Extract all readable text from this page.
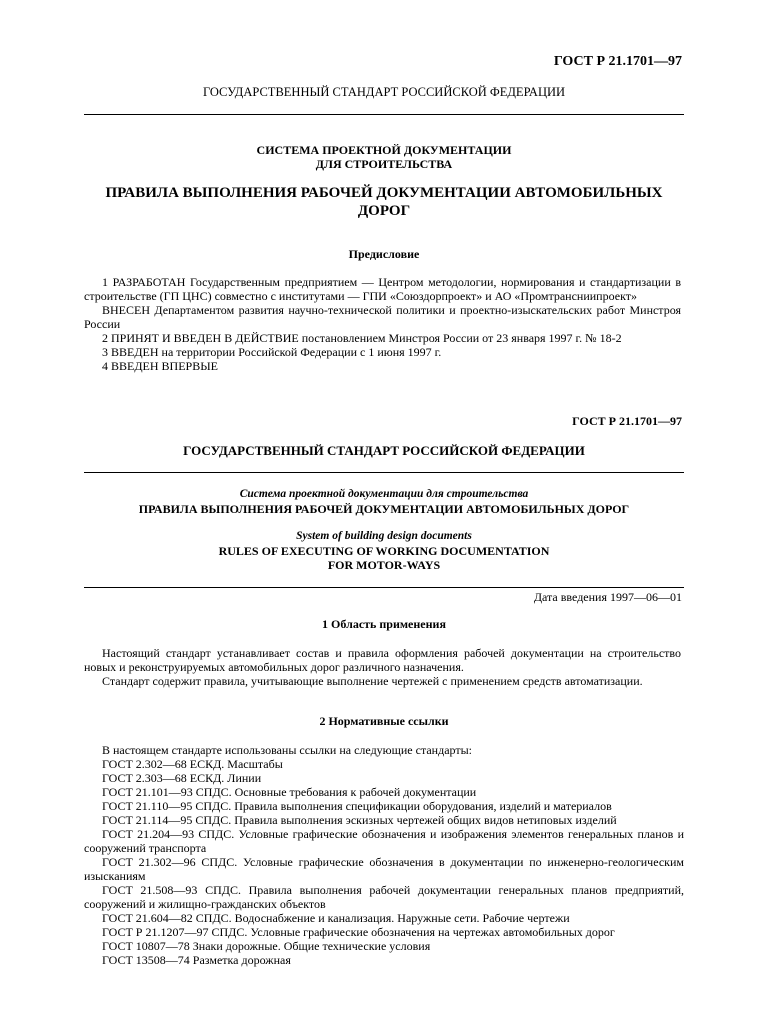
ГОСТ Р 21.1701—97
ГОСУДАРСТВЕННЫЙ СТАНДАРТ РОССИЙСКОЙ ФЕДЕРАЦИИ
СИСТЕМА ПРОЕКТНОЙ ДОКУМЕНТАЦИИ
ДЛЯ СТРОИТЕЛЬСТВА
ПРАВИЛА ВЫПОЛНЕНИЯ РАБОЧЕЙ ДОКУМЕНТАЦИИ АВТОМОБИЛЬНЫХ
ДОРОГ
Предисловие

1 РАЗРАБОТАН Государственным предприятием — Центром методологии, нормирования и стандартизации в строительстве (ГП ЦНС) совместно с институтами — ГПИ «Союздорпроект» и АО «Промтрансниипроект»

ВНЕСЕН Департаментом развития научно-технической политики и проектно-изыскательских работ Минстроя России

2 ПРИНЯТ И ВВЕДЕН В ДЕЙСТВИЕ постановлением Минстроя России от 23 января 1997 г. № 18-2

3 ВВЕДЕН на территории Российской Федерации с 1 июня 1997 г.

4 ВВЕДЕН ВПЕРВЫЕ

ГОСТ Р 21.1701—97
ГОСУДАРСТВЕННЫЙ СТАНДАРТ РОССИЙСКОЙ ФЕДЕРАЦИИ
Система проектной документации для строительства
ПРАВИЛА ВЫПОЛНЕНИЯ РАБОЧЕЙ ДОКУМЕНТАЦИИ АВТОМОБИЛЬНЫХ ДОРОГ
System of building design documents
RULES OF EXECUTING OF WORKING DOCUMENTATION
FOR MOTOR-WAYS
Дата введения 1997—06—01
1 Область применения

Настоящий стандарт устанавливает состав и правила оформления рабочей документации на строительство новых и реконструируемых автомобильных дорог различного назначения.

Стандарт содержит правила, учитывающие выполнение чертежей с применением средств автоматизации.

2 Нормативные ссылки
В настоящем стандарте использованы ссылки на следующие стандарты:
ГОСТ 2.302—68 ЕСКД. Масштабы
ГОСТ 2.303—68 ЕСКД. Линии
ГОСТ 21.101—93 СПДС. Основные требования к рабочей документации
ГОСТ 21.110—95 СПДС. Правила выполнения спецификации оборудования, изделий и материалов
ГОСТ 21.114—95 СПДС. Правила выполнения эскизных чертежей общих видов нетиповых изделий
ГОСТ 21.204—93 СПДС. Условные графические обозначения и изображения элементов генеральных планов и сооружений транспорта
ГОСТ 21.302—96 СПДС. Условные графические обозначения в документации по инженерно-геологическим изысканиям
ГОСТ 21.508—93 СПДС. Правила выполнения рабочей документации генеральных планов предприятий, сооружений и жилищно-гражданских объектов
ГОСТ 21.604—82 СПДС. Водоснабжение и канализация. Наружные сети. Рабочие чертежи
ГОСТ Р 21.1207—97 СПДС. Условные графические обозначения на чертежах автомобильных дорог
ГОСТ 10807—78 Знаки дорожные. Общие технические условия
ГОСТ 13508—74 Разметка дорожная
